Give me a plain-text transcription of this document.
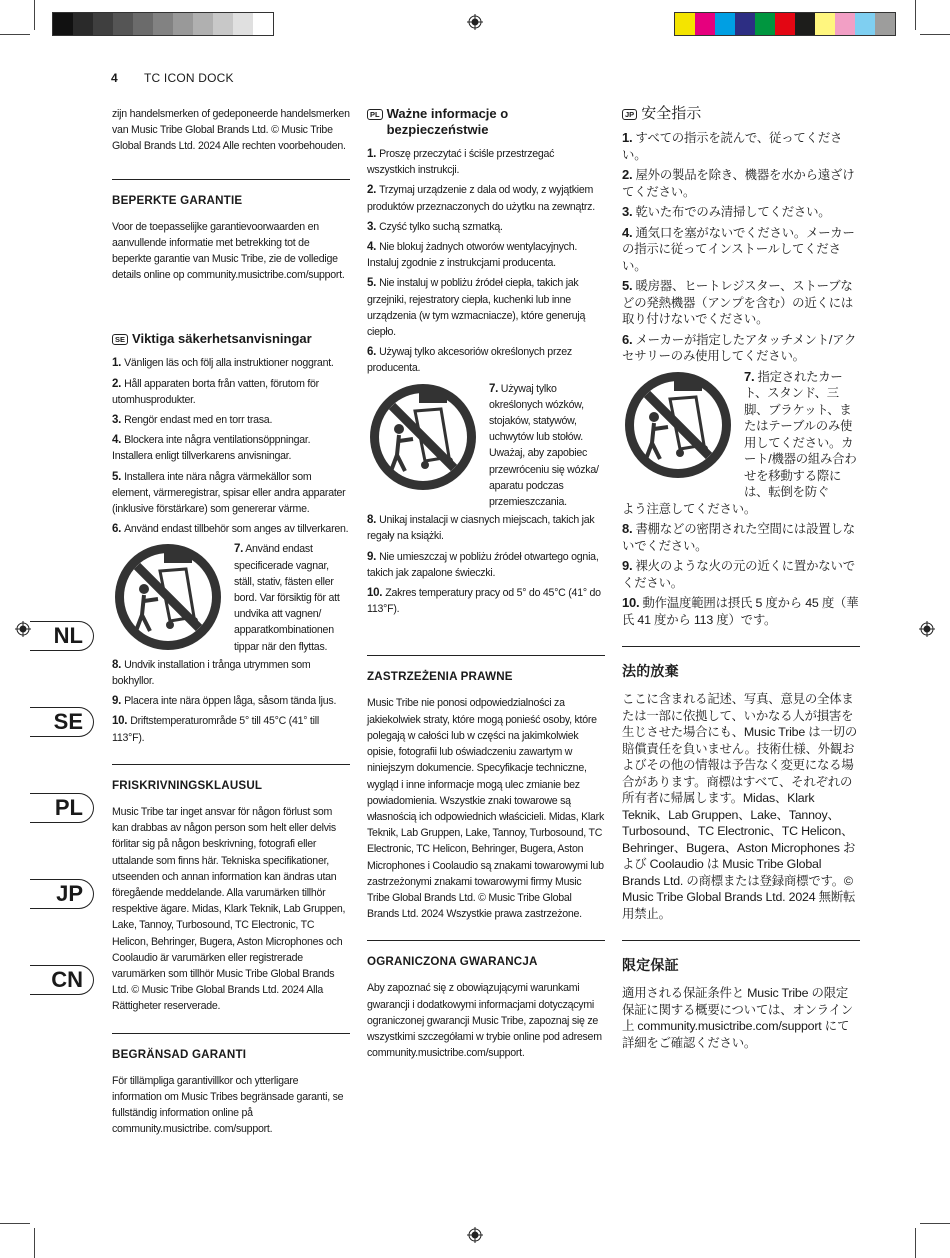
4 TC ICON DOCK
NL
SE
PL
JP
CN

zijn handelsmerken of gedeponeerde handelsmerken van Music Tribe Global Brands Ltd. © Music Tribe Global Brands Ltd. 2024 Alle rechten voorbehouden.

BEPERKTE GARANTIE

Voor de toepasselijke garantievoorwaarden en aanvullende informatie met betrekking tot de beperkte garantie van Music Tribe, zie de volledige details online op community.musictribe.com/support.

SE Viktiga säkerhetsanvisningar
1. Vänligen läs och följ alla instruktioner noggrant.
2. Håll apparaten borta från vatten, förutom för utomhusprodukter.
3. Rengör endast med en torr trasa.
4. Blockera inte några ventilationsöppningar. Installera enligt tillverkarens anvisningar.
5. Installera inte nära några värmekällor som element, värmeregistrar, spisar eller andra apparater (inklusive förstärkare) som genererar värme.
6. Använd endast tillbehör som anges av tillverkaren.
7. Använd endast specificerade vagnar, ställ, stativ, fästen eller bord. Var försiktig för att undvika att vagnen/ apparatkombinationen tippar när den flyttas.
8. Undvik installation i trånga utrymmen som bokhyllor.
9. Placera inte nära öppen låga, såsom tända ljus.
10. Driftstemperaturområde 5° till 45°C (41° till 113°F).

FRISKRIVNINGSKLAUSUL

Music Tribe tar inget ansvar för någon förlust som kan drabbas av någon person som helt eller delvis förlitar sig på någon beskrivning, fotografi eller uttalande som finns här. Tekniska specifikationer, utseenden och annan information kan ändras utan föregående meddelande. Alla varumärken tillhör respektive ägare. Midas, Klark Teknik, Lab Gruppen, Lake, Tannoy, Turbosound, TC Electronic, TC Helicon, Behringer, Bugera, Aston Microphones och Coolaudio är varumärken eller registrerade varumärken som tillhör Music Tribe Global Brands Ltd. © Music Tribe Global Brands Ltd. 2024 Alla Rättigheter reserverade.

BEGRÄNSAD GARANTI

För tillämpliga garantivillkor och ytterligare information om Music Tribes begränsade garanti, se fullständig information online på community.musictribe. com/support.

PL Ważne informacje o bezpieczeństwie
1. Proszę przeczytać i ściśle przestrzegać wszystkich instrukcji.
2. Trzymaj urządzenie z dala od wody, z wyjątkiem produktów przeznaczonych do użytku na zewnątrz.
3. Czyść tylko suchą szmatką.
4. Nie blokuj żadnych otworów wentylacyjnych. Instaluj zgodnie z instrukcjami producenta.
5. Nie instaluj w pobliżu źródeł ciepła, takich jak grzejniki, rejestratory ciepła, kuchenki lub inne urządzenia (w tym wzmacniacze), które generują ciepło.
6. Używaj tylko akcesoriów określonych przez producenta.
7. Używaj tylko określonych wózków, stojaków, statywów, uchwytów lub stołów. Uważaj, aby zapobiec przewróceniu się wózka/ aparatu podczas przemieszczania.
8. Unikaj instalacji w ciasnych miejscach, takich jak regały na książki.
9. Nie umieszczaj w pobliżu źródeł otwartego ognia, takich jak zapalone świeczki.
10. Zakres temperatury pracy od 5° do 45°C (41° do 113°F).

ZASTRZEŻENIA PRAWNE

Music Tribe nie ponosi odpowiedzialności za jakiekolwiek straty, które mogą ponieść osoby, które polegają w całości lub w części na jakimkolwiek opisie, fotografii lub oświadczeniu zawartym w niniejszym dokumencie. Specyfikacje techniczne, wygląd i inne informacje mogą ulec zmianie bez powiadomienia. Wszystkie znaki towarowe są własnością ich odpowiednich właścicieli. Midas, Klark Teknik, Lab Gruppen, Lake, Tannoy, Turbosound, TC Electronic, TC Helicon, Behringer, Bugera, Aston Microphones i Coolaudio są znakami towarowymi lub zastrzeżonymi znakami towarowymi firmy Music Tribe Global Brands Ltd. © Music Tribe Global Brands Ltd. 2024 Wszystkie prawa zastrzeżone.

OGRANICZONA GWARANCJA

Aby zapoznać się z obowiązującymi warunkami gwarancji i dodatkowymi informacjami dotyczącymi ograniczonej gwarancji Music Tribe, zapoznaj się ze wszystkimi szczegółami w trybie online pod adresem community.musictribe.com/support.

JP 安全指示
1. すべての指示を読んで、従ってください。
2. 屋外の製品を除き、機器を水から遠ざけてください。
3. 乾いた布でのみ清掃してください。
4. 通気口を塞がないでください。メーカーの指示に従ってインストールしてください。
5. 暖房器、ヒートレジスター、ストーブなどの発熱機器（アンプを含む）の近くには取り付けないでください。
6. メーカーが指定したアタッチメント/アクセサリーのみ使用してください。
7. 指定されたカート、スタンド、三脚、ブラケット、またはテーブルのみ使用してください。カート/機器の組み合わせを移動する際には、転倒を防ぐ

よう注意してください。

8. 書棚などの密閉された空間には設置しないでください。
9. 裸火のような火の元の近くに置かないでください。
10. 動作温度範囲は摂氏 5 度から 45 度（華氏 41 度から 113 度）です。

法的放棄

ここに含まれる記述、写真、意見の全体または一部に依拠して、いかなる人が損害を生じさせた場合にも、Music Tribe は一切の賠償責任を負いません。技術仕様、外観およびその他の情報は予告なく変更になる場合があります。商標はすべて、それぞれの所有者に帰属します。Midas、Klark Teknik、Lab Gruppen、Lake、Tannoy、Turbosound、TC Electronic、TC Helicon、Behringer、Bugera、Aston Microphones および Coolaudio は Music Tribe Global Brands Ltd. の商標または登録商標です。© Music Tribe Global Brands Ltd. 2024 無断転用禁止。

限定保証

適用される保証条件と Music Tribe の限定保証に関する概要については、オンライン上 community.musictribe.com/support にて詳細をご確認ください。
